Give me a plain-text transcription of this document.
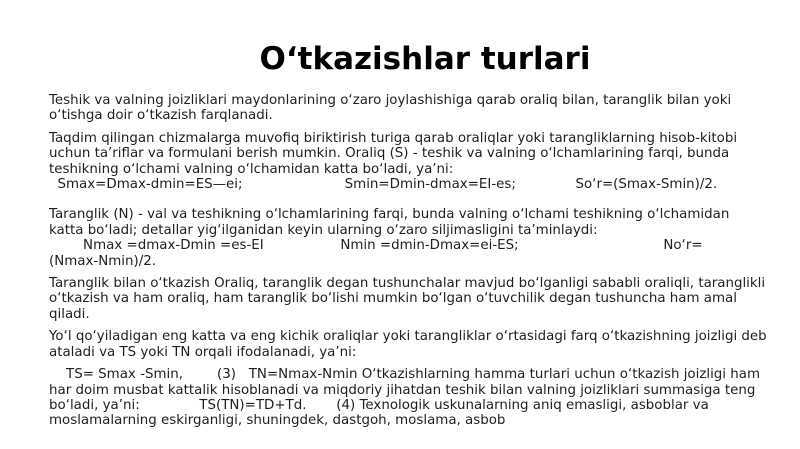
O‘tkazishlar turlari

Teshik va valning joizliklari maydonlarining o‘zaro joylashishiga qarab oraliq bilan, taranglik bilan yoki o‘tishga doir o‘tkazish farqlanadi.

Taqdim qilingan chizmalarga muvofiq biriktirish turiga qarab oraliqlar yoki tarangliklarning hisob-kitobi uchun ta’riflar va formulani berish mumkin. Oraliq (S) - teshik va valning o‘lchamlarining farqi, bunda teshikning o‘lchami valning o‘lchamidan katta bo‘ladi, ya’ni:
Smax=Dmax-dmin=ES—ei;                        Smin=Dmin-dmax=EI-es;              So‘r=(Smax-Smin)/2.

Taranglik (N) - val va teshikning o‘lchamlarining farqi, bunda valning o‘lchami teshikning o‘lchamidan katta bo‘ladi; detallar yig‘ilganidan keyin ularning o‘zaro siljimasligini ta’minlaydi:
Nmax =dmax-Dmin =es-EI                  Nmin =dmin-Dmax=ei-ES;                                  No‘r=
(Nmax-Nmin)/2.

Taranglik bilan o‘tkazish Oraliq, taranglik degan tushunchalar mavjud bo‘lganligi sababli oraliqli, tarangliklі o‘tkazish va ham oraliq, ham taranglik bo‘lishi mumkin bo‘lgan o‘tuvchilik degan tushuncha ham amal qiladi.

Yo‘l qo‘yiladigan eng katta va eng kichik oraliqlar yoki tarangliklar o‘rtasidagi farq o‘tkazishning joizligi deb ataladi va TS yoki TN orqali ifodalanadi, ya’ni:

TS= Smax -Smin,        (3)   TN=Nmax-Nmin O‘tkazishlarning hamma turlari uchun o‘tkazish joizligi ham har doim musbat kattalik hisoblanadi va miqdoriy jihatdan teshik bilan valning joizliklari summasiga teng bo‘ladi, ya’ni:              TS(TN)=TD+Td.       (4) Texnologik uskunalarning aniq emasligi, asboblar va moslamalarning eskirganligi, shuningdek, dastgoh, moslama, asbob
